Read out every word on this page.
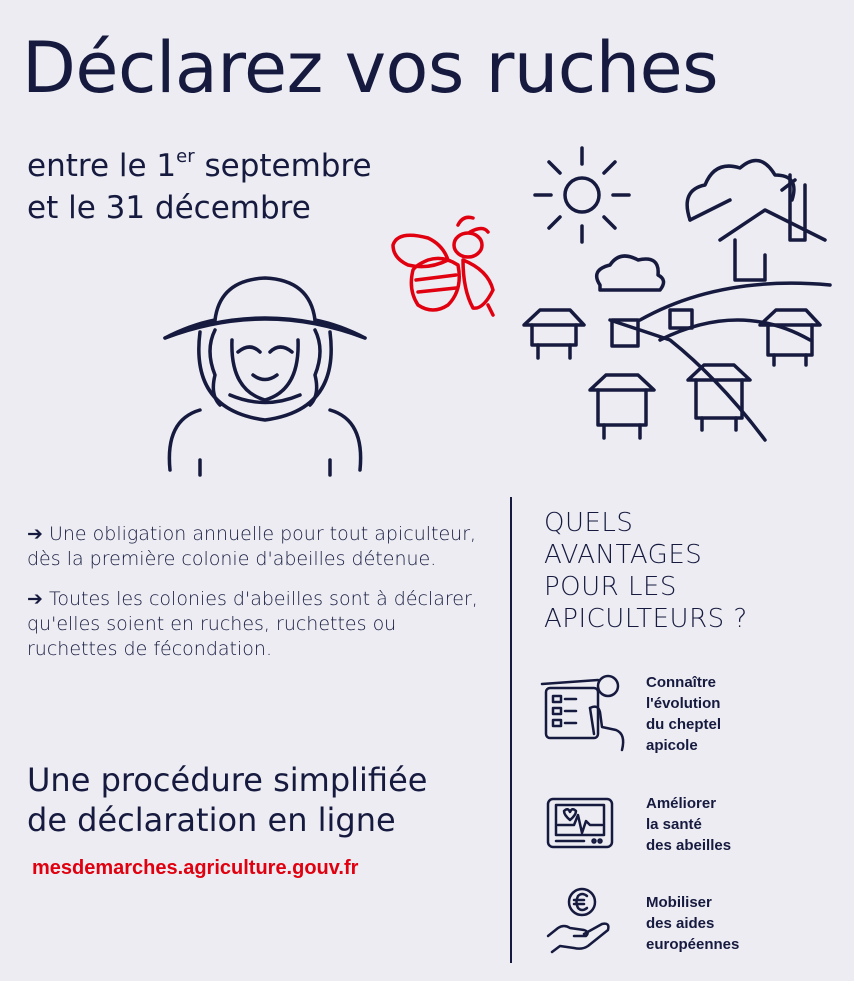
Déclarez vos ruches
entre le 1er septembre
et le 31 décembre

➔ Une obligation annuelle pour tout apiculteur, dès la première colonie d'abeilles détenue.

➔ Toutes les colonies d'abeilles sont à déclarer, qu'elles soient en ruches, ruchettes ou ruchettes de fécondation.

Une procédure simplifiée
de déclaration en ligne
mesdemarches.agriculture.gouv.fr
QUELS
AVANTAGES
POUR LES
APICULTEURS ?
Connaître
l'évolution
du cheptel
apicole
Améliorer
la santé
des abeilles
Mobiliser
des aides
européennes
